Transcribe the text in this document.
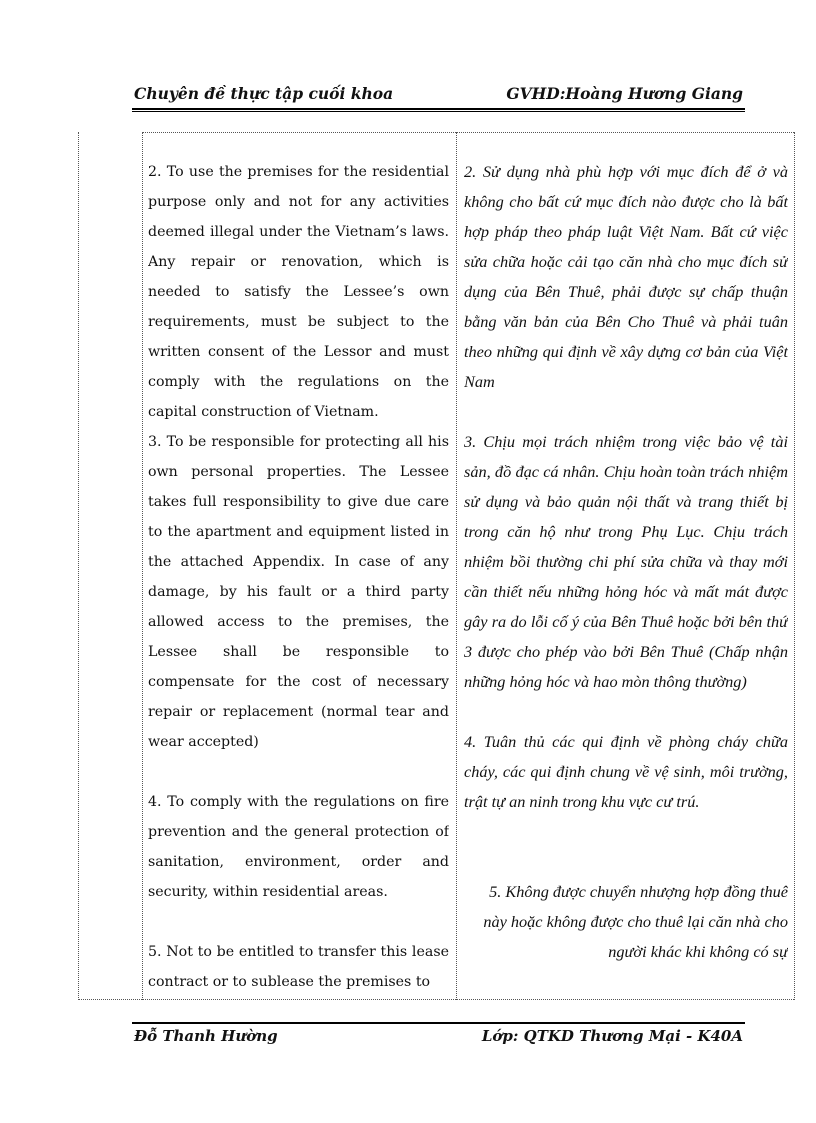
Chuyên đề thực tập cuối khoa	GVHD:Hoàng Hương Giang

2. To use the premises for the residential purpose only and not for any activities deemed illegal under the Vietnam’s laws. Any repair or renovation, which is needed to satisfy the Lessee’s own requirements, must be subject to the written consent of the Lessor and must comply with the regulations on the capital construction of Vietnam.

3. To be responsible for protecting all his own personal properties. The Lessee takes full responsibility to give due care to the apartment and equipment listed in the attached Appendix. In case of any damage, by his fault or a third party allowed access to the premises, the Lessee shall be responsible to compensate for the cost of necessary repair or replacement (normal tear and wear accepted)

4. To comply with the regulations on fire prevention and the general protection of sanitation, environment, order and security, within residential areas.

5. Not to be entitled to transfer this lease contract or to sublease the premises to

2. Sử dụng nhà phù hợp với mục đích để ở và không cho bất cứ mục đích nào được cho là bất hợp pháp theo pháp luật Việt Nam. Bất cứ việc sửa chữa hoặc cải tạo căn nhà cho mục đích sử dụng của Bên Thuê, phải được sự chấp thuận bằng văn bản của Bên Cho Thuê và phải tuân theo những qui định về xây dựng cơ bản của Việt Nam

3. Chịu mọi trách nhiệm trong việc bảo vệ tài sản, đồ đạc cá nhân. Chịu hoàn toàn trách nhiệm sử dụng và bảo quản nội thất và trang thiết bị trong căn hộ như trong Phụ Lục. Chịu trách nhiệm bồi thường chi phí sửa chữa và thay mới cần thiết nếu những hỏng hóc và mất mát được gây ra do lỗi cố ý của Bên Thuê hoặc bởi bên thứ 3 được cho phép vào bởi Bên Thuê (Chấp nhận những hỏng hóc và hao mòn thông thường)

4. Tuân thủ các qui định về phòng cháy chữa cháy, các qui định chung về vệ sinh, môi trường, trật tự an ninh trong khu vực cư trú.

5. Không được chuyển nhượng hợp đồng thuê này hoặc không được cho thuê lại căn nhà cho người khác khi không có sự

Đỗ Thanh Hường	Lớp: QTKD Thương Mại - K40A
